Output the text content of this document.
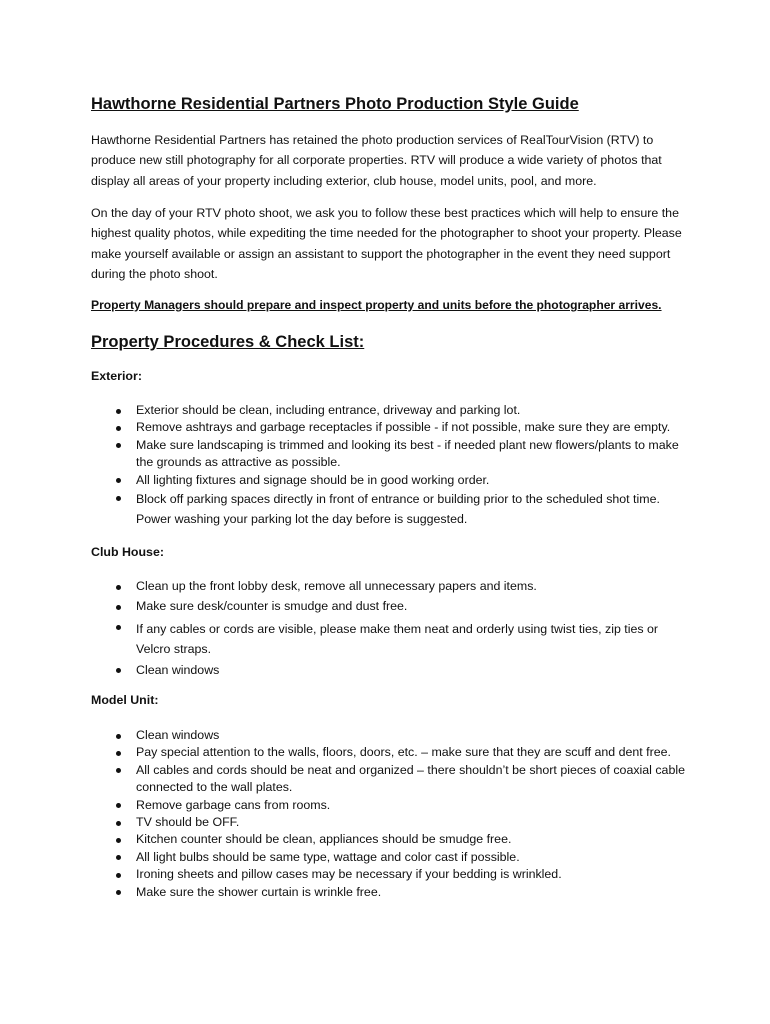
Hawthorne Residential Partners Photo Production Style Guide

Hawthorne Residential Partners has retained the photo production services of RealTourVision (RTV) to produce new still photography for all corporate properties. RTV will produce a wide variety of photos that display all areas of your property including exterior, club house, model units, pool, and more.

On the day of your RTV photo shoot, we ask you to follow these best practices which will help to ensure the highest quality photos, while expediting the time needed for the photographer to shoot your property. Please make yourself available or assign an assistant to support the photographer in the event they need support during the photo shoot.

Property Managers should prepare and inspect property and units before the photographer arrives.

Property Procedures & Check List:
Exterior:
Exterior should be clean, including entrance, driveway and parking lot.
Remove ashtrays and garbage receptacles if possible - if not possible, make sure they are empty.
Make sure landscaping is trimmed and looking its best - if needed plant new flowers/plants to make the grounds as attractive as possible.
All lighting fixtures and signage should be in good working order.
Block off parking spaces directly in front of entrance or building prior to the scheduled shot time. Power washing your parking lot the day before is suggested.
Club House:
Clean up the front lobby desk, remove all unnecessary papers and items.
Make sure desk/counter is smudge and dust free.
If any cables or cords are visible, please make them neat and orderly using twist ties, zip ties or Velcro straps.
Clean windows
Model Unit:
Clean windows
Pay special attention to the walls, floors, doors, etc. – make sure that they are scuff and dent free.
All cables and cords should be neat and organized – there shouldn’t be short pieces of coaxial cable connected to the wall plates.
Remove garbage cans from rooms.
TV should be OFF.
Kitchen counter should be clean, appliances should be smudge free.
All light bulbs should be same type, wattage and color cast if possible.
Ironing sheets and pillow cases may be necessary if your bedding is wrinkled.
Make sure the shower curtain is wrinkle free.
